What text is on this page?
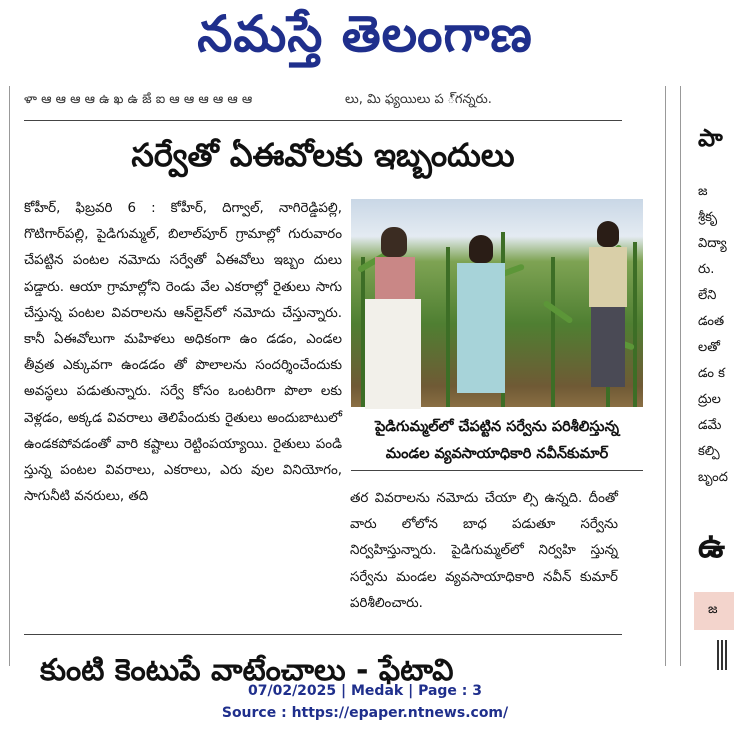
నమస్తే తెలంగాణ
ళా ఆ ఆ ఆ ఆ ఉ ఖ ఉ ౙ ఐ ఆ ఆ ఆ ఆ ఆ ఆ	లు, మి ఫ్యయిలు ప ్ౕగన్నరు.
సర్వేతో ఏఈవోలకు ఇబ్బందులు
కోహీర్, ఫిబ్రవరి 6 : కోహీర్, దిగ్వాల్, నాగిరెడ్డిపల్లి, గొటిగార్‌పల్లి, పైడిగుమ్మల్, బిలాల్‌పూర్ గ్రామాల్లో గురువారం చేపట్టిన పంటల నమోదు సర్వేతో ఏఈవోలు ఇబ్బం దులు పడ్డారు. ఆయా గ్రామాల్లోని రెండు వేల ఎకరాల్లో రైతులు సాగు చేస్తున్న పంటల వివరాలను ఆన్‌లైన్‌లో నమోదు చేస్తున్నారు. కానీ ఏఈవోలుగా మహిళలు అధికంగా ఉం డడం, ఎండల తీవ్రత ఎక్కువగా ఉండడం తో పొలాలను సందర్శించేందుకు అవస్థలు పడుతున్నారు. సర్వే కోసం ఒంటరిగా పొలా లకు వెళ్లడం, అక్కడ వివరాలు తెలిపేందుకు రైతులు అందుబాటులో ఉండకపోవడంతో వారి కష్టాలు రెట్టింపయ్యాయి. రైతులు పండి స్తున్న పంటల వివరాలు, ఎకరాలు, ఎరు వుల వినియోగం, సాగునీటి వనరులు, తది
పైడిగుమ్మల్‌లో చేపట్టిన సర్వేను పరిశీలిస్తున్న
మండల వ్యవసాయాధికారి నవీన్‌కుమార్
తర వివరాలను నమోదు చేయా ల్సి ఉన్నది. దీంతో వారు లోలోన బాధ పడుతూ సర్వేను నిర్వహిస్తున్నారు. పైడిగుమ్మల్‌లో నిర్వహి స్తున్న సర్వేను మండల వ్యవసాయాధికారి నవీన్ కుమార్ పరిశీలించారు.
పా
జ
శ్రీకృ
విద్యా
రు.
లేని
డంత
లతో
డం క
ద్రుల
డమే
కల్పి
బృంద
ఉ
జ
కుంటి కెంటుపే వాటేంచాలు - ఫేటావి
07/02/2025 | Medak | Page : 3
Source : https://epaper.ntnews.com/
